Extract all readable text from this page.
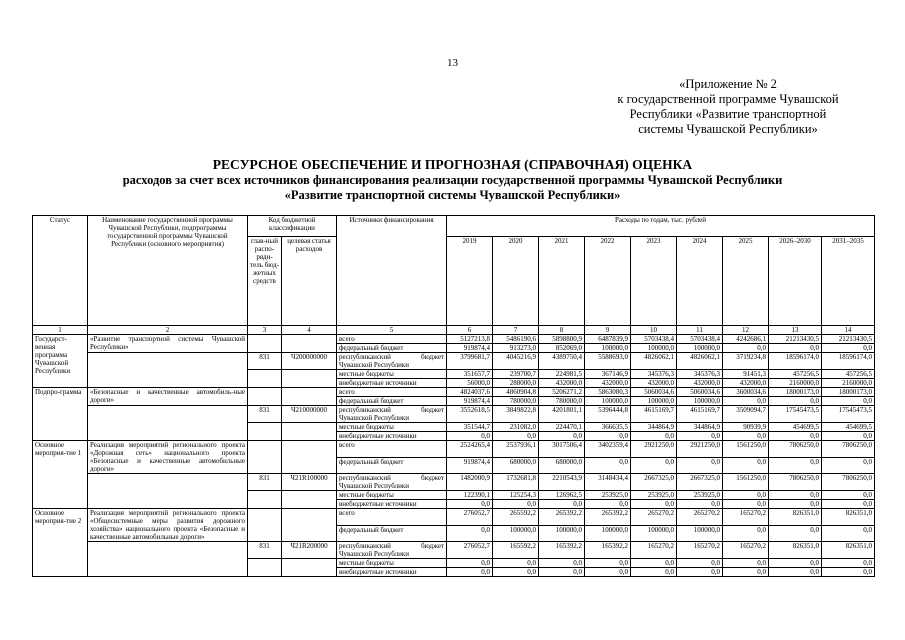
13
«Приложение № 2
к государственной программе Чувашской
Республики «Развитие транспортной
системы Чувашской Республики»
РЕСУРСНОЕ ОБЕСПЕЧЕНИЕ И ПРОГНОЗНАЯ (СПРАВОЧНАЯ) ОЦЕНКА
расходов за счет всех источников финансирования реализации государственной программы Чувашской Республики
«Развитие транспортной системы Чувашской Республики»
Статус	Наименование государственной программы Чувашской Республики, подпрограммы государственной программы Чувашской Республики (основного мероприятия)	Код бюджетной классификации		Источники финансирования	Расходы по годам, тыс. рублей								
		глав-ный распо-ряди-тель бюд-жетных средств	целевая статья расходов		2019	2020	2021	2022	2023	2024	2025	2026–2030	2031–2035
1	2	3	4	5	6	7	8	9	10	11	12	13	14
Государст-венная программа Чувашской Республики	«Развитие транспортной системы Чувашской Республики»			всего	5127213,8	5486190,6	5898800,9	6487839,9	5703438,4	5703438,4	4242686,1	21213430,5	21213430,5
				федеральный бюджет	919874,4	913273,0	852069,0	100000,0	100000,0	100000,0	0,0	0,0	0,0
		831	Ч200000000	республиканский бюджет Чувашской Республики	3799681,7	4045216,9	4389750,4	5588693,0	4826062,1	4826062,1	3719234,8	18596174,0	18596174,0
				местные бюджеты	351657,7	239700,7	224981,5	367146,9	345376,3	345376,3	91451,3	457256,5	457256,5
				внебюджетные источники	56000,0	288000,0	432000,0	432000,0	432000,0	432000,0	432000,0	2160000,0	2160000,0
Подпро-грамма	«Безопасные и качественные автомобиль-ные дороги»			всего	4824037,6	4860904,8	5206271,2	5863080,3	5060034,6	5060034,6	3600034,6	18000173,0	18000173,0
				федеральный бюджет	919874,4	780000,0	780000,0	100000,0	100000,0	100000,0	0,0	0,0	0,0
		831	Ч210000000	республиканский бюджет Чувашской Республики	3552618,5	3849822,8	4201801,1	5396444,8	4615169,7	4615169,7	3509094,7	17545473,5	17545473,5
				местные бюджеты	351544,7	231082,0	224470,1	366635,5	344864,9	344864,9	90939,9	454699,5	454699,5
				внебюджетные источники	0,0	0,0	0,0	0,0	0,0	0,0	0,0	0,0	0,0
Основное мероприя-тие 1	Реализация мероприятий регионального проекта «Дорожная сеть» национального проекта «Безопасные и качественные автомобильные дороги»			всего	2524265,4	2537936,1	3017506,4	3402359,4	2921250,0	2921250,0	1561250,0	7806250,0	7806250,0
				федеральный бюджет	919874,4	680000,0	680000,0	0,0	0,0	0,0	0,0	0,0	0,0
		831	Ч21R100000	республиканский бюджет Чувашской Республики	1482000,9	1732681,8	2210543,9	3148434,4	2667325,0	2667325,0	1561250,0	7806250,0	7806250,0
				местные бюджеты	122390,1	125254,3	126962,5	253925,0	253925,0	253925,0	0,0	0,0	0,0
				внебюджетные источники	0,0	0,0	0,0	0,0	0,0	0,0	0,0	0,0	0,0
Основное мероприя-тие 2	Реализация мероприятий регионального проекта «Общесистемные меры развития дорожного хозяйства» национального проекта «Безопасные и качественные автомобильные дороги»			всего	276052,7	265592,2	265392,2	265392,2	265270,2	265270,2	165270,2	826351,0	826351,0
				федеральный бюджет	0,0	100000,0	100000,0	100000,0	100000,0	100000,0	0,0	0,0	0,0
		831	Ч21R200000	республиканский бюджет Чувашской Республики	276052,7	165592,2	165392,2	165392,2	165270,2	165270,2	165270,2	826351,0	826351,0
				местные бюджеты	0,0	0,0	0,0	0,0	0,0	0,0	0,0	0,0	0,0
				внебюджетные источники	0,0	0,0	0,0	0,0	0,0	0,0	0,0	0,0	0,0
